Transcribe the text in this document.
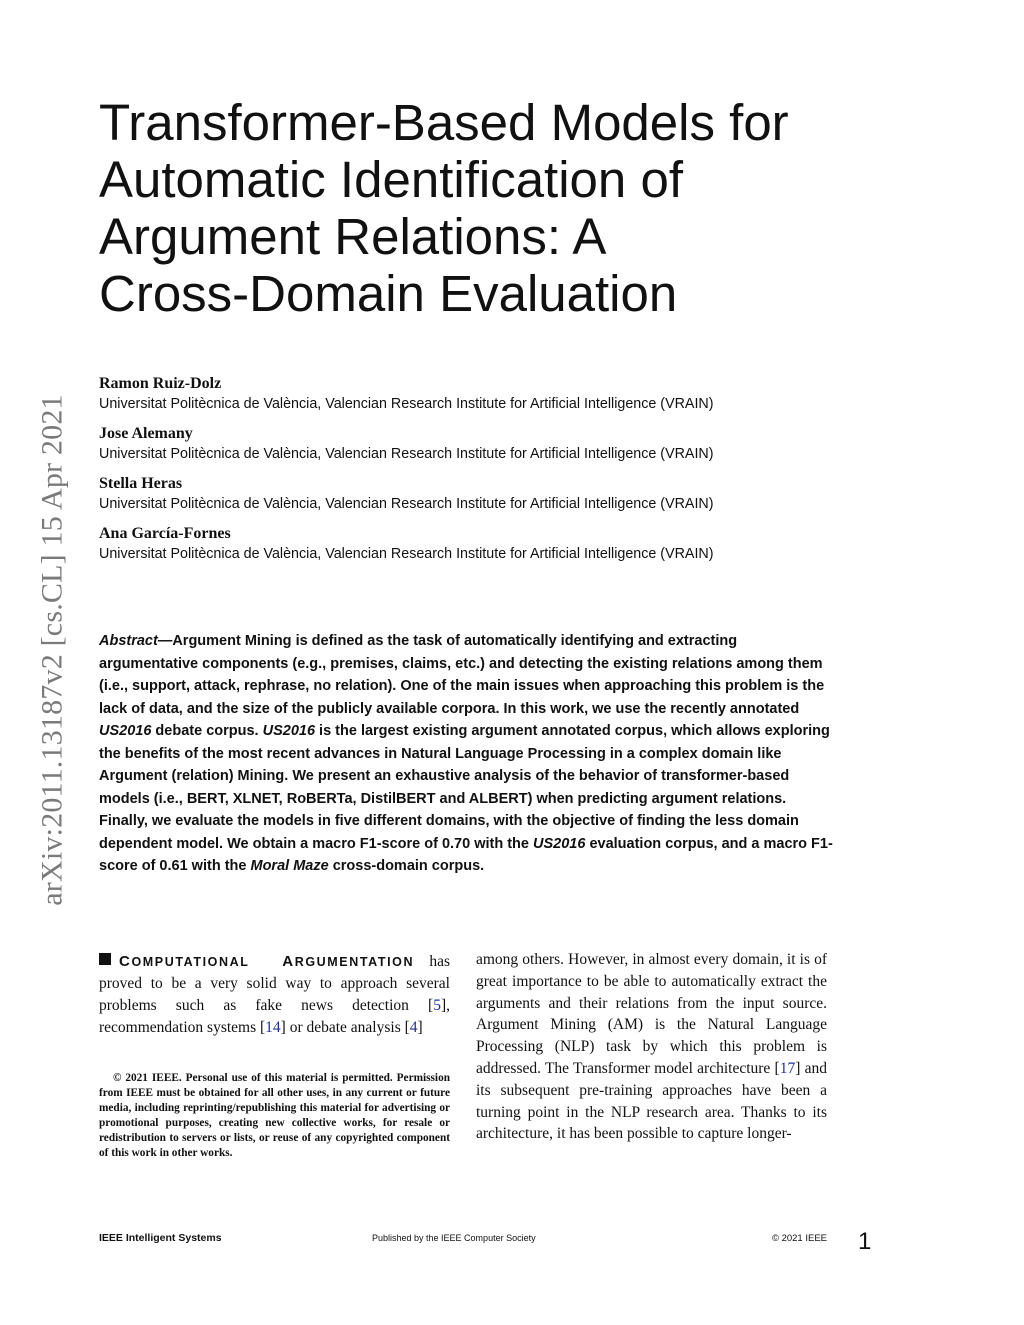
arXiv:2011.13187v2 [cs.CL] 15 Apr 2021
Transformer-Based Models for
Automatic Identification of
Argument Relations: A
Cross-Domain Evaluation
Ramon Ruiz-Dolz
Universitat Politècnica de València, Valencian Research Institute for Artificial Intelligence (VRAIN)
Jose Alemany
Universitat Politècnica de València, Valencian Research Institute for Artificial Intelligence (VRAIN)
Stella Heras
Universitat Politècnica de València, Valencian Research Institute for Artificial Intelligence (VRAIN)
Ana García-Fornes
Universitat Politècnica de València, Valencian Research Institute for Artificial Intelligence (VRAIN)

Abstract—Argument Mining is defined as the task of automatically identifying and extracting argumentative components (e.g., premises, claims, etc.) and detecting the existing relations among them (i.e., support, attack, rephrase, no relation). One of the main issues when approaching this problem is the lack of data, and the size of the publicly available corpora. In this work, we use the recently annotated US2016 debate corpus. US2016 is the largest existing argument annotated corpus, which allows exploring the benefits of the most recent advances in Natural Language Processing in a complex domain like Argument (relation) Mining. We present an exhaustive analysis of the behavior of transformer-based models (i.e., BERT, XLNET, RoBERTa, DistilBERT and ALBERT) when predicting argument relations. Finally, we evaluate the models in five different domains, with the objective of finding the less domain dependent model. We obtain a macro F1-score of 0.70 with the US2016 evaluation corpus, and a macro F1-score of 0.61 with the Moral Maze cross-domain corpus.

COMPUTATIONAL ARGUMENTATION has proved to be a very solid way to approach several problems such as fake news detection [5], recommendation systems [14] or debate analysis [4]

© 2021 IEEE. Personal use of this material is permitted. Permission from IEEE must be obtained for all other uses, in any current or future media, including reprinting/republishing this material for advertising or promotional purposes, creating new collective works, for resale or redistribution to servers or lists, or reuse of any copyrighted component of this work in other works.

among others. However, in almost every domain, it is of great importance to be able to automatically extract the arguments and their relations from the input source. Argument Mining (AM) is the Natural Language Processing (NLP) task by which this problem is addressed. The Transformer model architecture [17] and its subsequent pre-training approaches have been a turning point in the NLP research area. Thanks to its architecture, it has been possible to capture longer-

IEEE Intelligent Systems	Published by the IEEE Computer Society	© 2021 IEEE 1
